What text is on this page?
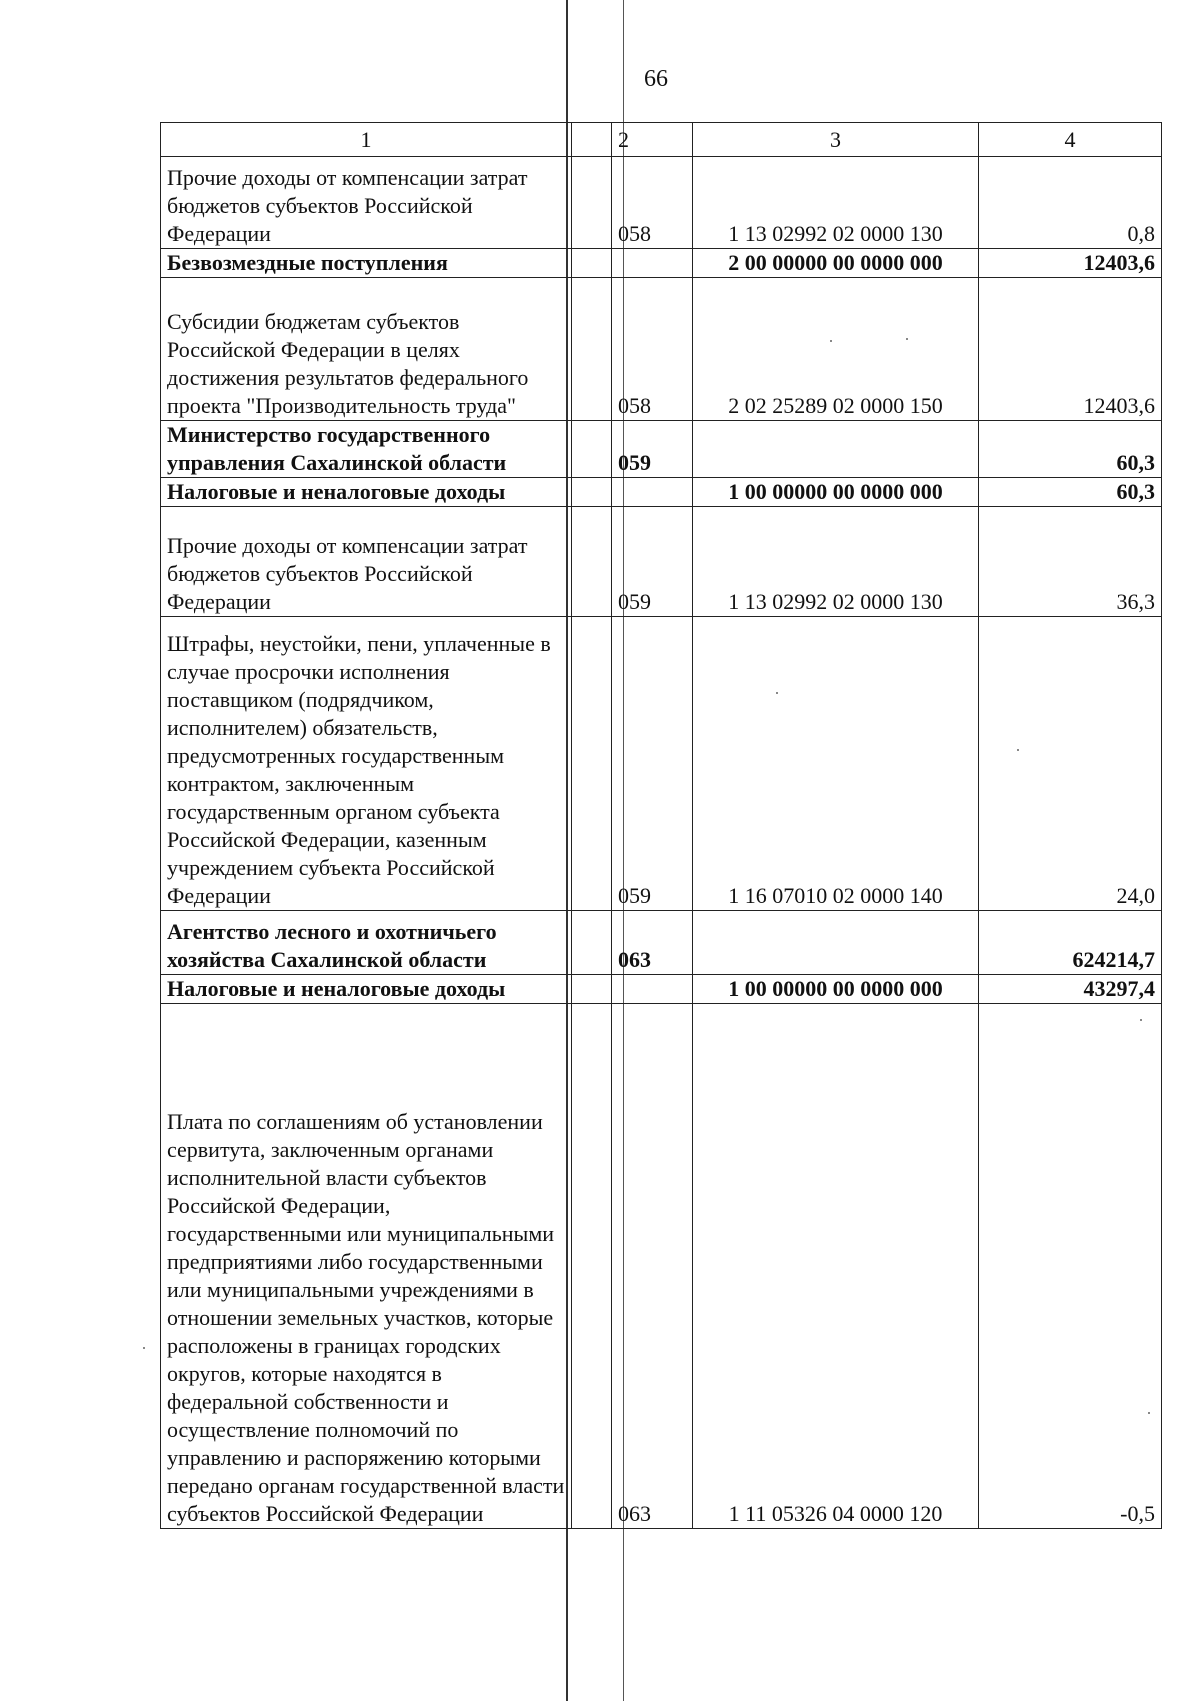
66
1		2	3	4
Прочие доходы от компенсации затрат бюджетов субъектов Российской Федерации		058	1 13 02992 02 0000 130	0,8
Безвозмездные поступления			2 00 00000 00 0000 000	12403,6
Субсидии бюджетам субъектов Российской Федерации в целях достижения результатов федерального проекта "Производительность труда"		058	2 02 25289 02 0000 150	12403,6
Министерство государственного управления Сахалинской области		059		60,3
Налоговые и неналоговые доходы			1 00 00000 00 0000 000	60,3
Прочие доходы от компенсации затрат бюджетов субъектов Российской Федерации		059	1 13 02992 02 0000 130	36,3
Штрафы, неустойки, пени, уплаченные в случае просрочки исполнения поставщиком (подрядчиком, исполнителем) обязательств, предусмотренных государственным контрактом, заключенным государственным органом субъекта Российской Федерации, казенным учреждением субъекта Российской Федерации		059	1 16 07010 02 0000 140	24,0
Агентство лесного и охотничьего хозяйства Сахалинской области		063		624214,7
Налоговые и неналоговые доходы			1 00 00000 00 0000 000	43297,4
Плата по соглашениям об установлении сервитута, заключенным органами исполнительной власти субъектов Российской Федерации, государственными или муниципальными предприятиями либо государственными или муниципальными учреждениями в отношении земельных участков, которые расположены в границах городских округов, которые находятся в федеральной собственности и осуществление полномочий по управлению и распоряжению которыми передано органам государственной власти субъектов Российской Федерации		063	1 11 05326 04 0000 120	-0,5
